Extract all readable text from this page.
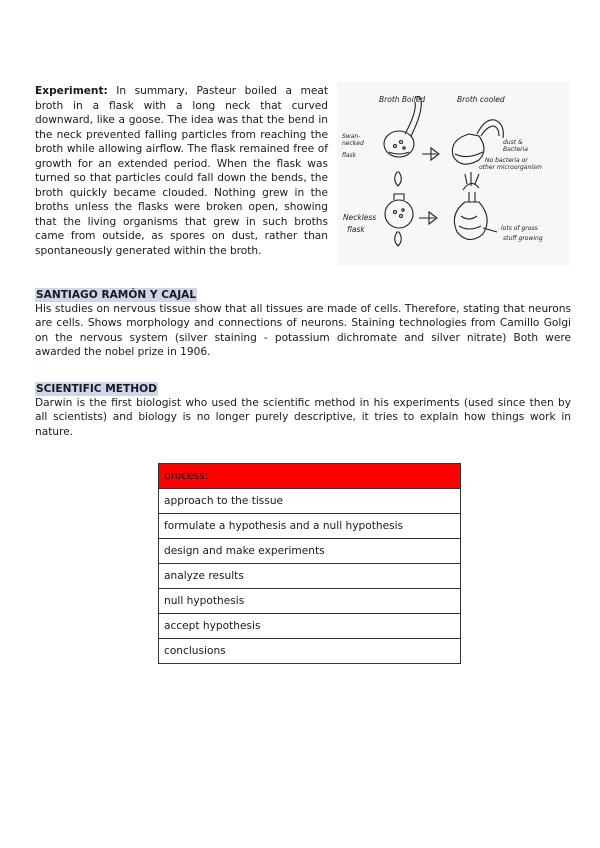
Experiment: In summary, Pasteur boiled a meat broth in a flask with a long neck that curved downward, like a goose. The idea was that the bend in the neck prevented falling particles from reaching the broth while allowing airflow. The flask remained free of growth for an extended period. When the flask was turned so that particles could fall down the bends, the broth quickly became clouded. Nothing grew in the broths unless the flasks were broken open, showing that the living organisms that grew in such broths came from outside, as spores on dust, rather than spontaneously generated within the broth.
Broth Boiled	Broth cooled
Swan-
necked
flask
dust &
Bacteria
No bacteria or
other microorganism
Neckless
flask	lots of gross
stuff growing
SANTIAGO RAMÓN Y CAJAL
His studies on nervous tissue show that all tissues are made of cells. Therefore, stating that neurons are cells. Shows morphology and connections of neurons. Staining technologies from Camillo Golgi on the nervous system (silver staining - potassium dichromate and silver nitrate) Both were awarded the nobel prize in 1906.
SCIENTIFIC METHOD
Darwin is the first biologist who used the scientific method in his experiments (used since then by all scientists) and biology is no longer purely descriptive, it tries to explain how things work in nature.
process:
approach to the tissue
formulate a hypothesis and a null hypothesis
design and make experiments
analyze results
null hypothesis
accept hypothesis
conclusions
